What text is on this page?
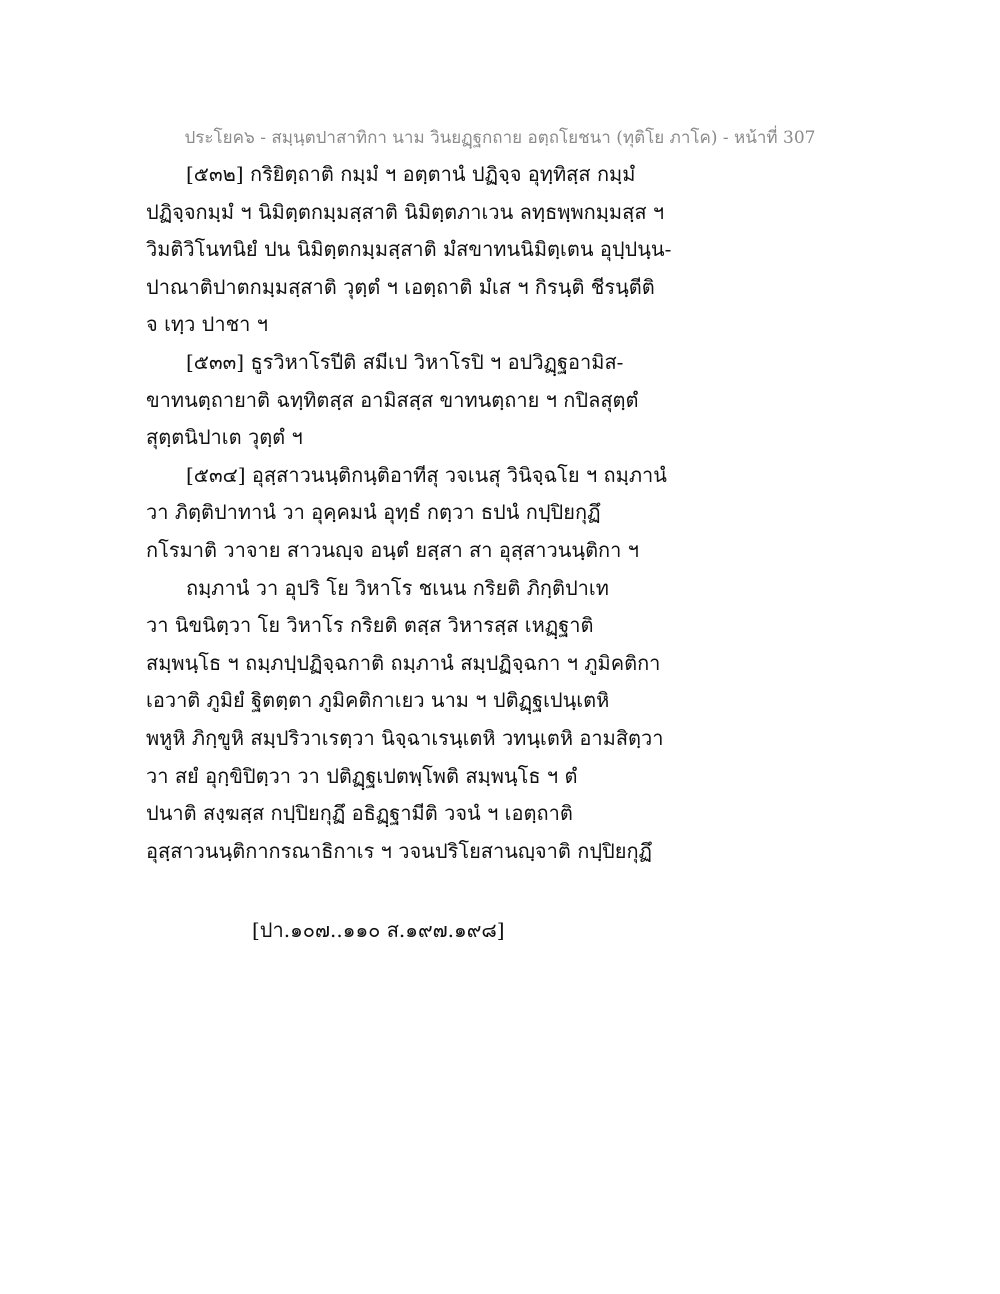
ประโยค๖ - สมฺนฺตปาสาทิกา นาม วินยฏฺฐกถาย อตฺถโยชนา (ทุติโย ภาโค) - หน้าที่ 307
[๕๓๒] กริยิตฺถาติ กมฺมํ ฯ อตฺตานํ ปฏิจฺจ อุทฺทิสฺส กมฺมํ
ปฏิจฺจกมฺมํ ฯ นิมิตฺตกมฺมสฺสาติ นิมิตฺตภาเวน ลทฺธพฺพกมฺมสฺส ฯ
วิมติวิโนทนิยํ ปน นิมิตฺตกมฺมสฺสาติ มํสขาทนนิมิตฺเตน อุปฺปนฺน-
ปาณาติปาตกมฺมสฺสาติ วุตฺตํ ฯ เอตฺถาติ มํเส ฯ กิรนฺติ ชีรนฺตีติ
จ เทฺว ปาชา ฯ
[๕๓๓] ธูรวิหาโรปีติ สมีเป วิหาโรปิ ฯ อปวิฏฺฐอามิส-
ขาทนตฺถายาติ ฉทฺทิตสฺส อามิสสฺส ขาทนตฺถาย ฯ กปิลสุตฺตํ
สุตฺตนิปาเต วุตฺตํ ฯ
[๕๓๔] อุสฺสาวนนฺติกนฺติอาทีสุ วจเนสุ วินิจฺฉโย ฯ ถมฺภานํ
วา ภิตฺติปาทานํ วา อุคฺคมนํ อุทฺธํ กตฺวา ธปนํ กปฺปิยกุฏึ
กโรมาติ วาจาย สาวนญฺจ อนฺตํ ยสฺสา สา อุสฺสาวนนฺติกา ฯ
ถมฺภานํ วา อุปริ โย วิหาโร ชเนน กริยติ ภิกฺติปาเท
วา นิขนิตฺวา โย วิหาโร กริยติ ตสฺส วิหารสฺส เหฏฺฐาติ
สมฺพนฺโธ ฯ ถมฺภปฺปฏิจฺฉกาติ ถมฺภานํ สมฺปฏิจฺฉกา ฯ ภูมิคติกา
เอวาติ ภูมิยํ ฐิตตฺตา ภูมิคติกาเยว นาม ฯ ปติฏฺฐเปนฺเตหิ
พหูหิ ภิกฺขูหิ สมฺปริวาเรตฺวา นิจฺฉาเรนฺเตหิ วทนฺเตหิ อามสิตฺวา
วา สยํ อุกฺขิปิตฺวา วา ปติฏฺฐเปตพฺโพติ สมฺพนฺโธ ฯ ตํ
ปนาติ สงฺฆสฺส กปฺปิยกุฏึ อธิฏฺฐามีติ วจนํ ฯ เอตฺถาติ
อุสฺสาวนนฺติกากรณาธิกาเร ฯ วจนปริโยสานญฺจาติ กปฺปิยกุฏึ
[ปา.๑๐๗..๑๑๐ ส.๑๙๗.๑๙๘]
